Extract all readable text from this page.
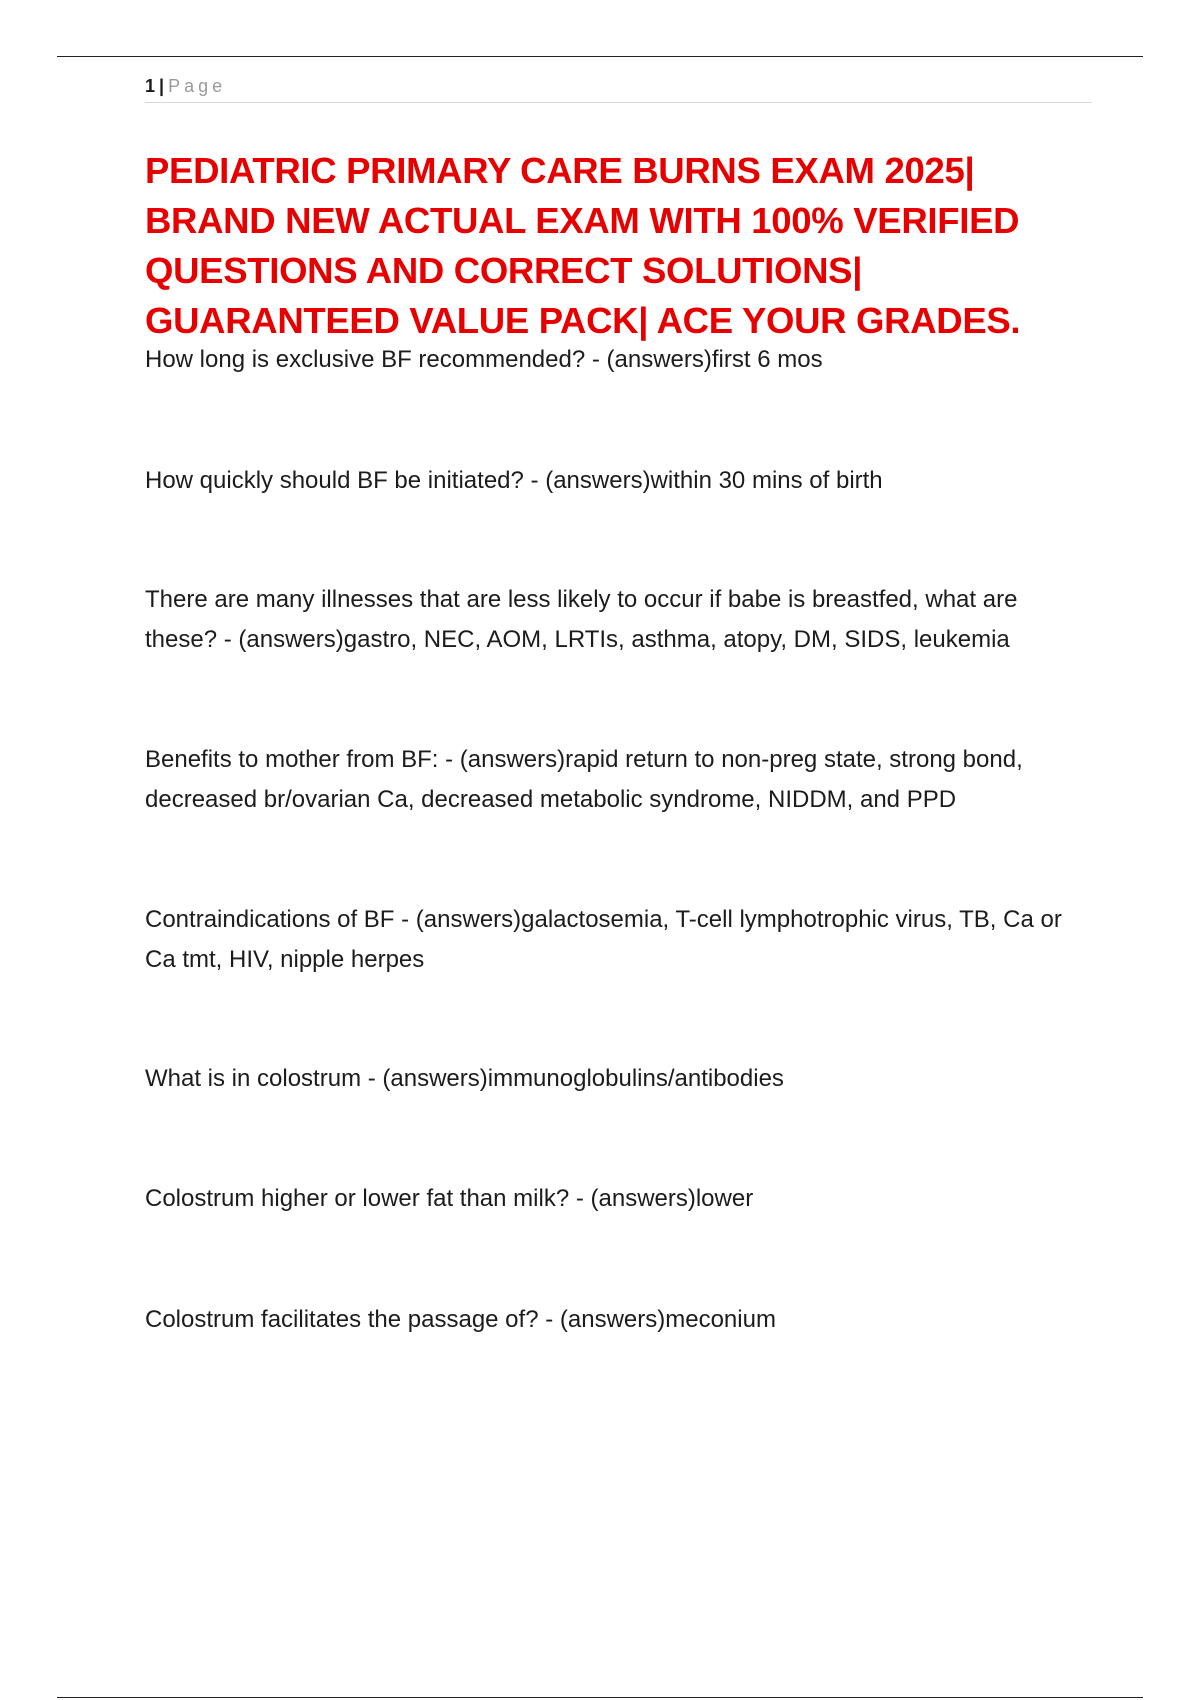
1 | Page
PEDIATRIC PRIMARY CARE BURNS EXAM 2025| BRAND NEW ACTUAL EXAM WITH 100% VERIFIED QUESTIONS AND CORRECT SOLUTIONS| GUARANTEED VALUE PACK| ACE YOUR GRADES.

How long is exclusive BF recommended? - (answers)first 6 mos

How quickly should BF be initiated? - (answers)within 30 mins of birth

There are many illnesses that are less likely to occur if babe is breastfed, what are these? - (answers)gastro, NEC, AOM, LRTIs, asthma, atopy, DM, SIDS, leukemia

Benefits to mother from BF: - (answers)rapid return to non-preg state, strong bond, decreased br/ovarian Ca, decreased metabolic syndrome, NIDDM, and PPD

Contraindications of BF - (answers)galactosemia, T-cell lymphotrophic virus, TB, Ca or Ca tmt, HIV, nipple herpes

What is in colostrum - (answers)immunoglobulins/antibodies

Colostrum higher or lower fat than milk? - (answers)lower

Colostrum facilitates the passage of? - (answers)meconium
